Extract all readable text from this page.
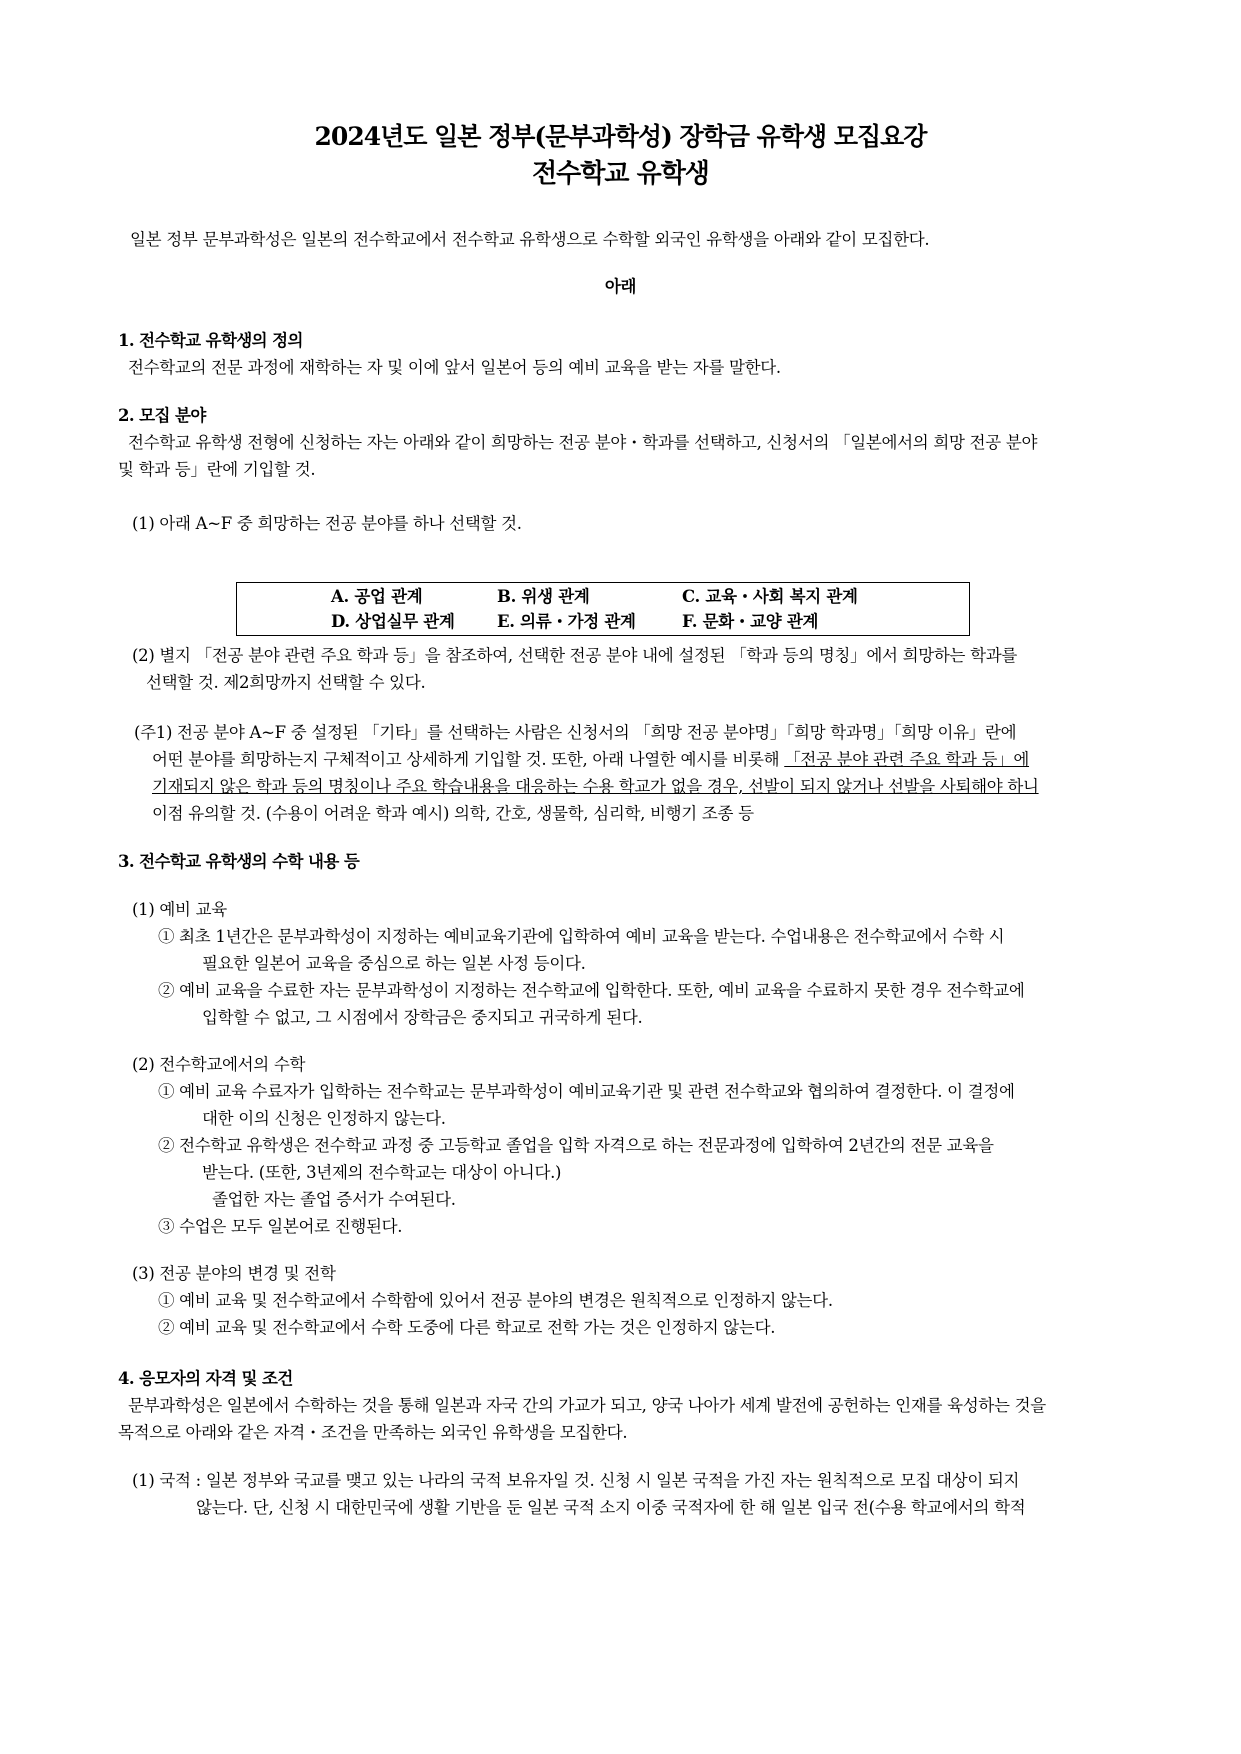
2024년도 일본 정부(문부과학성) 장학금 유학생 모집요강
전수학교 유학생

일본 정부 문부과학성은 일본의 전수학교에서 전수학교 유학생으로 수학할 외국인 유학생을 아래와 같이 모집한다.

아래

1. 전수학교 유학생의 정의

전수학교의 전문 과정에 재학하는 자 및 이에 앞서 일본어 등의 예비 교육을 받는 자를 말한다.

2. 모집 분야

전수학교 유학생 전형에 신청하는 자는 아래와 같이 희망하는 전공 분야・학과를 선택하고, 신청서의 「일본에서의 희망 전공 분야

및 학과 등」란에 기입할 것.

(1) 아래 A~F 중 희망하는 전공 분야를 하나 선택할 것.

A. 공업 관계	B. 위생 관계	C. 교육・사회 복지 관계
D. 상업실무 관계	E. 의류・가정 관계	F. 문화・교양 관계

(2) 별지 「전공 분야 관련 주요 학과 등」을 참조하여, 선택한 전공 분야 내에 설정된 「학과 등의 명칭」에서 희망하는 학과를

선택할 것. 제2희망까지 선택할 수 있다.

(주1) 전공 분야 A~F 중 설정된 「기타」를 선택하는 사람은 신청서의 「희망 전공 분야명」「희망 학과명」「희망 이유」란에

어떤 분야를 희망하는지 구체적이고 상세하게 기입할 것. 또한, 아래 나열한 예시를 비롯해 「전공 분야 관련 주요 학과 등」에

기재되지 않은 학과 등의 명칭이나 주요 학습내용을 대응하는 수용 학교가 없을 경우, 선발이 되지 않거나 선발을 사퇴해야 하니

이점 유의할 것. (수용이 어려운 학과 예시) 의학, 간호, 생물학, 심리학, 비행기 조종 등

3. 전수학교 유학생의 수학 내용 등

(1) 예비 교육

① 최초 1년간은 문부과학성이 지정하는 예비교육기관에 입학하여 예비 교육을 받는다. 수업내용은 전수학교에서 수학 시

필요한 일본어 교육을 중심으로 하는 일본 사정 등이다.

② 예비 교육을 수료한 자는 문부과학성이 지정하는 전수학교에 입학한다. 또한, 예비 교육을 수료하지 못한 경우 전수학교에

입학할 수 없고, 그 시점에서 장학금은 중지되고 귀국하게 된다.

(2) 전수학교에서의 수학

① 예비 교육 수료자가 입학하는 전수학교는 문부과학성이 예비교육기관 및 관련 전수학교와 협의하여 결정한다. 이 결정에

대한 이의 신청은 인정하지 않는다.

② 전수학교 유학생은 전수학교 과정 중 고등학교 졸업을 입학 자격으로 하는 전문과정에 입학하여 2년간의 전문 교육을

받는다. (또한, 3년제의 전수학교는 대상이 아니다.)

졸업한 자는 졸업 증서가 수여된다.

③ 수업은 모두 일본어로 진행된다.

(3) 전공 분야의 변경 및 전학

① 예비 교육 및 전수학교에서 수학함에 있어서 전공 분야의 변경은 원칙적으로 인정하지 않는다.

② 예비 교육 및 전수학교에서 수학 도중에 다른 학교로 전학 가는 것은 인정하지 않는다.

4. 응모자의 자격 및 조건

문부과학성은 일본에서 수학하는 것을 통해 일본과 자국 간의 가교가 되고, 양국 나아가 세계 발전에 공헌하는 인재를 육성하는 것을

목적으로 아래와 같은 자격・조건을 만족하는 외국인 유학생을 모집한다.

(1) 국적 : 일본 정부와 국교를 맺고 있는 나라의 국적 보유자일 것. 신청 시 일본 국적을 가진 자는 원칙적으로 모집 대상이 되지

않는다. 단, 신청 시 대한민국에 생활 기반을 둔 일본 국적 소지 이중 국적자에 한 해 일본 입국 전(수용 학교에서의 학적
